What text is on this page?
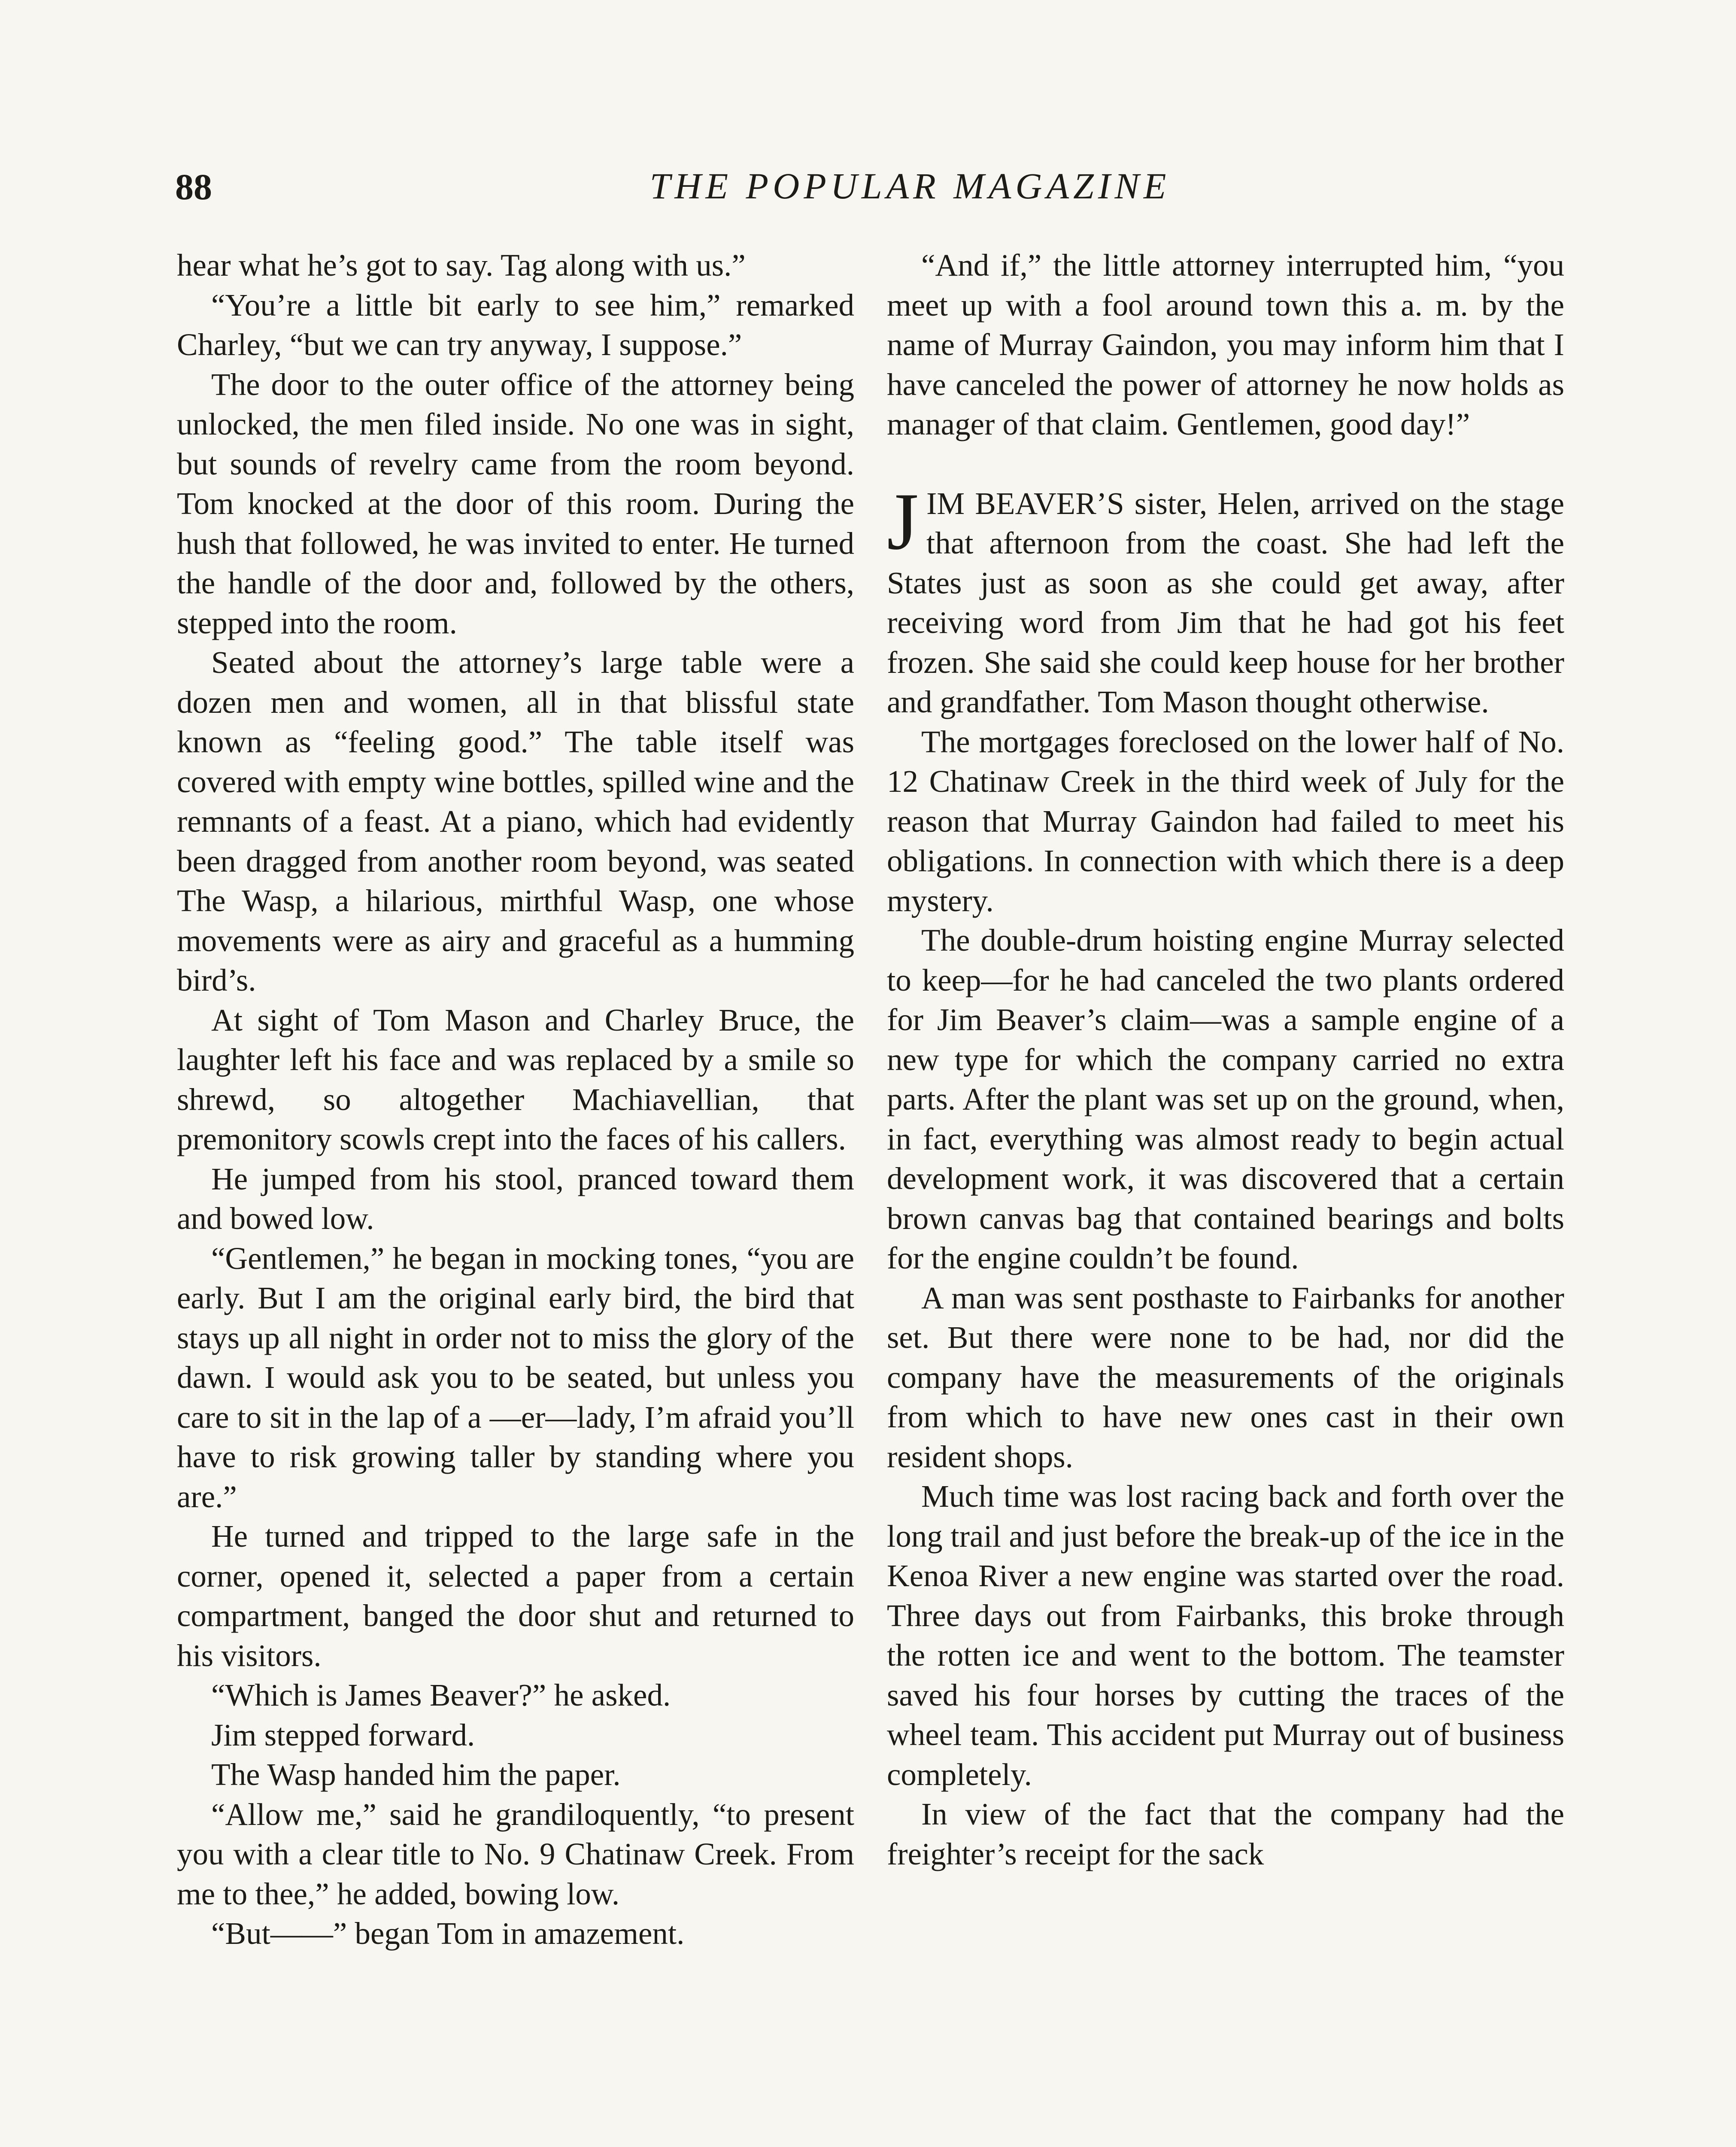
88	THE POPULAR MAGAZINE

hear what he’s got to say. Tag along with us.”

“You’re a little bit early to see him,” remarked Charley, “but we can try anyway, I suppose.”

The door to the outer office of the attorney being unlocked, the men filed inside. No one was in sight, but sounds of revelry came from the room beyond. Tom knocked at the door of this room. During the hush that followed, he was invited to enter. He turned the handle of the door and, followed by the others, stepped into the room.

Seated about the attorney’s large table were a dozen men and women, all in that blissful state known as “feeling good.” The table itself was covered with empty wine bottles, spilled wine and the remnants of a feast. At a piano, which had evidently been dragged from another room beyond, was seated The Wasp, a hilarious, mirthful Wasp, one whose movements were as airy and graceful as a humming bird’s.

At sight of Tom Mason and Charley Bruce, the laughter left his face and was replaced by a smile so shrewd, so altogether Machiavellian, that premonitory scowls crept into the faces of his callers.

He jumped from his stool, pranced toward them and bowed low.

“Gentlemen,” he began in mocking tones, “you are early. But I am the original early bird, the bird that stays up all night in order not to miss the glory of the dawn. I would ask you to be seated, but unless you care to sit in the lap of a —er—lady, I’m afraid you’ll have to risk growing taller by standing where you are.”

He turned and tripped to the large safe in the corner, opened it, selected a paper from a certain compartment, banged the door shut and returned to his visitors.

“Which is James Beaver?” he asked.

Jim stepped forward.

The Wasp handed him the paper.

“Allow me,” said he grandiloquently, “to present you with a clear title to No. 9 Chatinaw Creek. From me to thee,” he added, bowing low.

“But——” began Tom in amazement.

“And if,” the little attorney interrupted him, “you meet up with a fool around town this a. m. by the name of Murray Gaindon, you may inform him that I have canceled the power of attorney he now holds as manager of that claim. Gentlemen, good day!”

JIM BEAVER’S sister, Helen, arrived on the stage that afternoon from the coast. She had left the States just as soon as she could get away, after receiving word from Jim that he had got his feet frozen. She said she could keep house for her brother and grandfather. Tom Mason thought otherwise.

The mortgages foreclosed on the lower half of No. 12 Chatinaw Creek in the third week of July for the reason that Murray Gaindon had failed to meet his obligations. In connection with which there is a deep mystery.

The double-drum hoisting engine Murray selected to keep—for he had canceled the two plants ordered for Jim Beaver’s claim—was a sample engine of a new type for which the company carried no extra parts. After the plant was set up on the ground, when, in fact, everything was almost ready to begin actual development work, it was discovered that a certain brown canvas bag that contained bearings and bolts for the engine couldn’t be found.

A man was sent posthaste to Fairbanks for another set. But there were none to be had, nor did the company have the measurements of the originals from which to have new ones cast in their own resident shops.

Much time was lost racing back and forth over the long trail and just before the break-up of the ice in the Kenoa River a new engine was started over the road. Three days out from Fairbanks, this broke through the rotten ice and went to the bottom. The teamster saved his four horses by cutting the traces of the wheel team. This accident put Murray out of business completely.

In view of the fact that the company had the freighter’s receipt for the sack
